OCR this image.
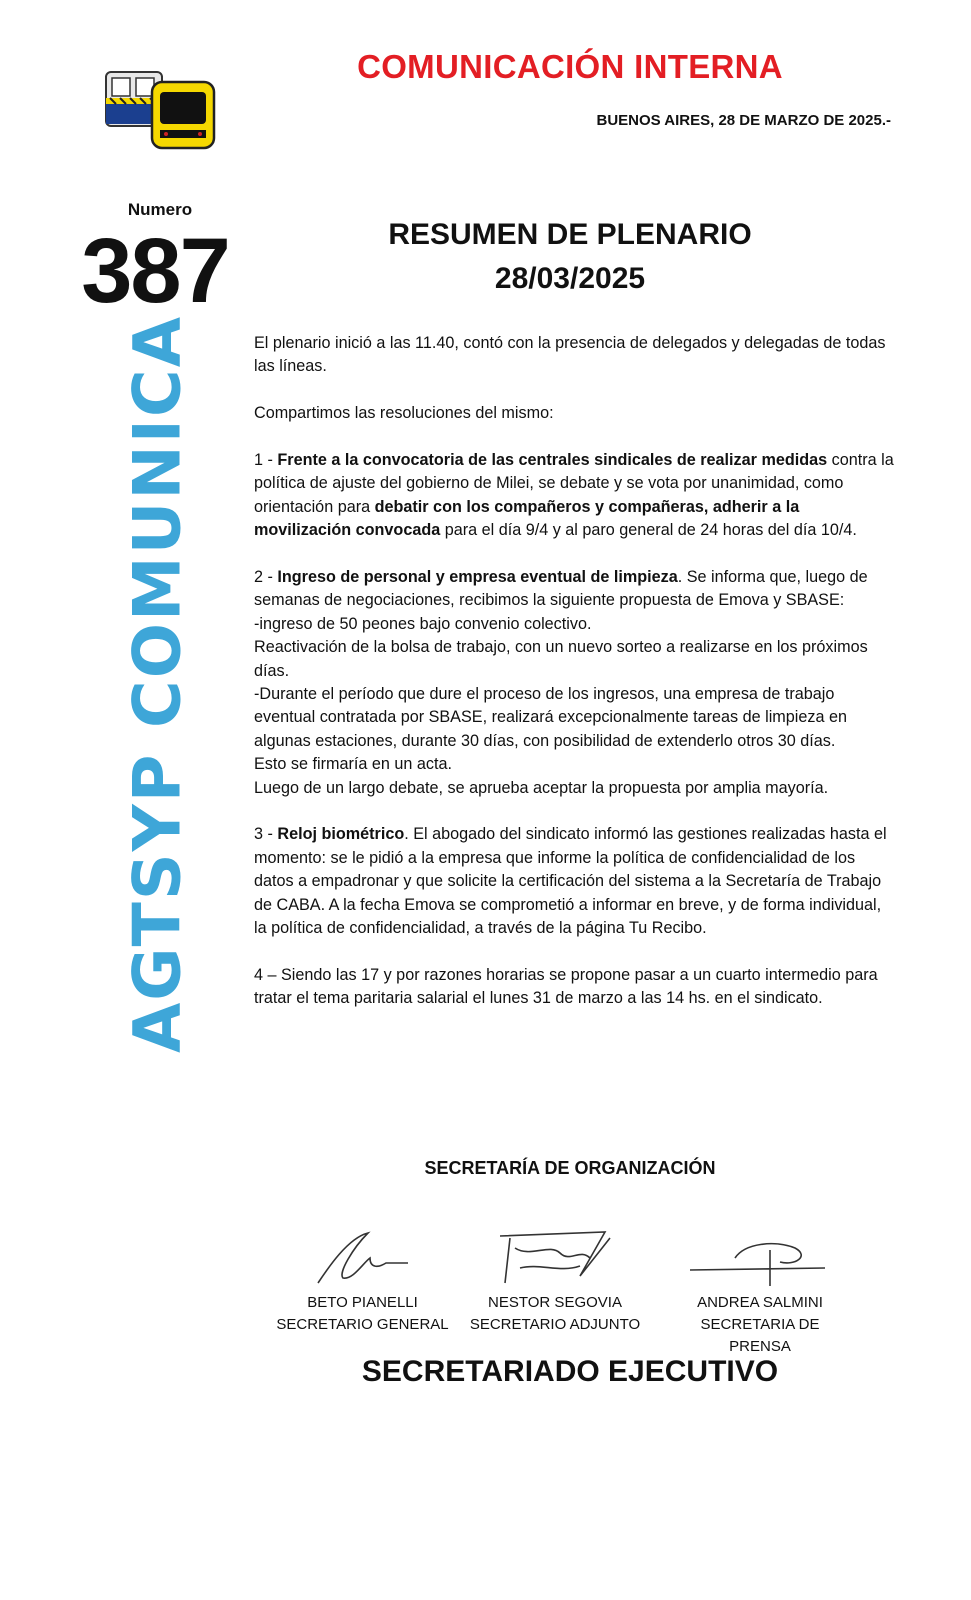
COMUNICACIÓN INTERNA
BUENOS AIRES, 28 DE MARZO DE 2025.-
Numero
387
AGTSYP COMUNICA
RESUMEN DE PLENARIO
28/03/2025

El plenario inició a las 11.40, contó con la presencia de delegados y delegadas de todas las líneas.

Compartimos las resoluciones del mismo:

1 - Frente a la convocatoria de las centrales sindicales de realizar medidas contra la política de ajuste del gobierno de Milei, se debate y se vota por unanimidad, como orientación para debatir con los compañeros y compañeras, adherir a la movilización convocada para el día 9/4 y al paro general de 24 horas del día 10/4.

2 - Ingreso de personal y empresa eventual de limpieza. Se informa que, luego de semanas de negociaciones, recibimos la siguiente propuesta de Emova y SBASE:
-ingreso de 50 peones bajo convenio colectivo.
Reactivación de la bolsa de trabajo, con un nuevo sorteo a realizarse en los próximos días.
-Durante el período que dure el proceso de los ingresos, una empresa de trabajo eventual contratada por SBASE, realizará excepcionalmente tareas de limpieza en algunas estaciones, durante 30 días, con posibilidad de extenderlo otros 30 días.
Esto se firmaría en un acta.
Luego de un largo debate, se aprueba aceptar la propuesta por amplia mayoría.

3 - Reloj biométrico. El abogado del sindicato informó las gestiones realizadas hasta el momento: se le pidió a la empresa que informe la política de confidencialidad de los datos a empadronar y que solicite la certificación del sistema a la Secretaría de Trabajo de CABA. A la fecha Emova se comprometió a informar en breve, y de forma individual, la política de confidencialidad, a través de la página Tu Recibo.

4 – Siendo las 17 y por razones horarias se propone pasar a un cuarto intermedio para tratar el tema paritaria salarial el lunes 31 de marzo a las 14 hs. en el sindicato.

SECRETARÍA DE ORGANIZACIÓN
BETO PIANELLI
SECRETARIO GENERAL
NESTOR SEGOVIA
SECRETARIO ADJUNTO
ANDREA SALMINI
SECRETARIA DE PRENSA
SECRETARIADO EJECUTIVO
